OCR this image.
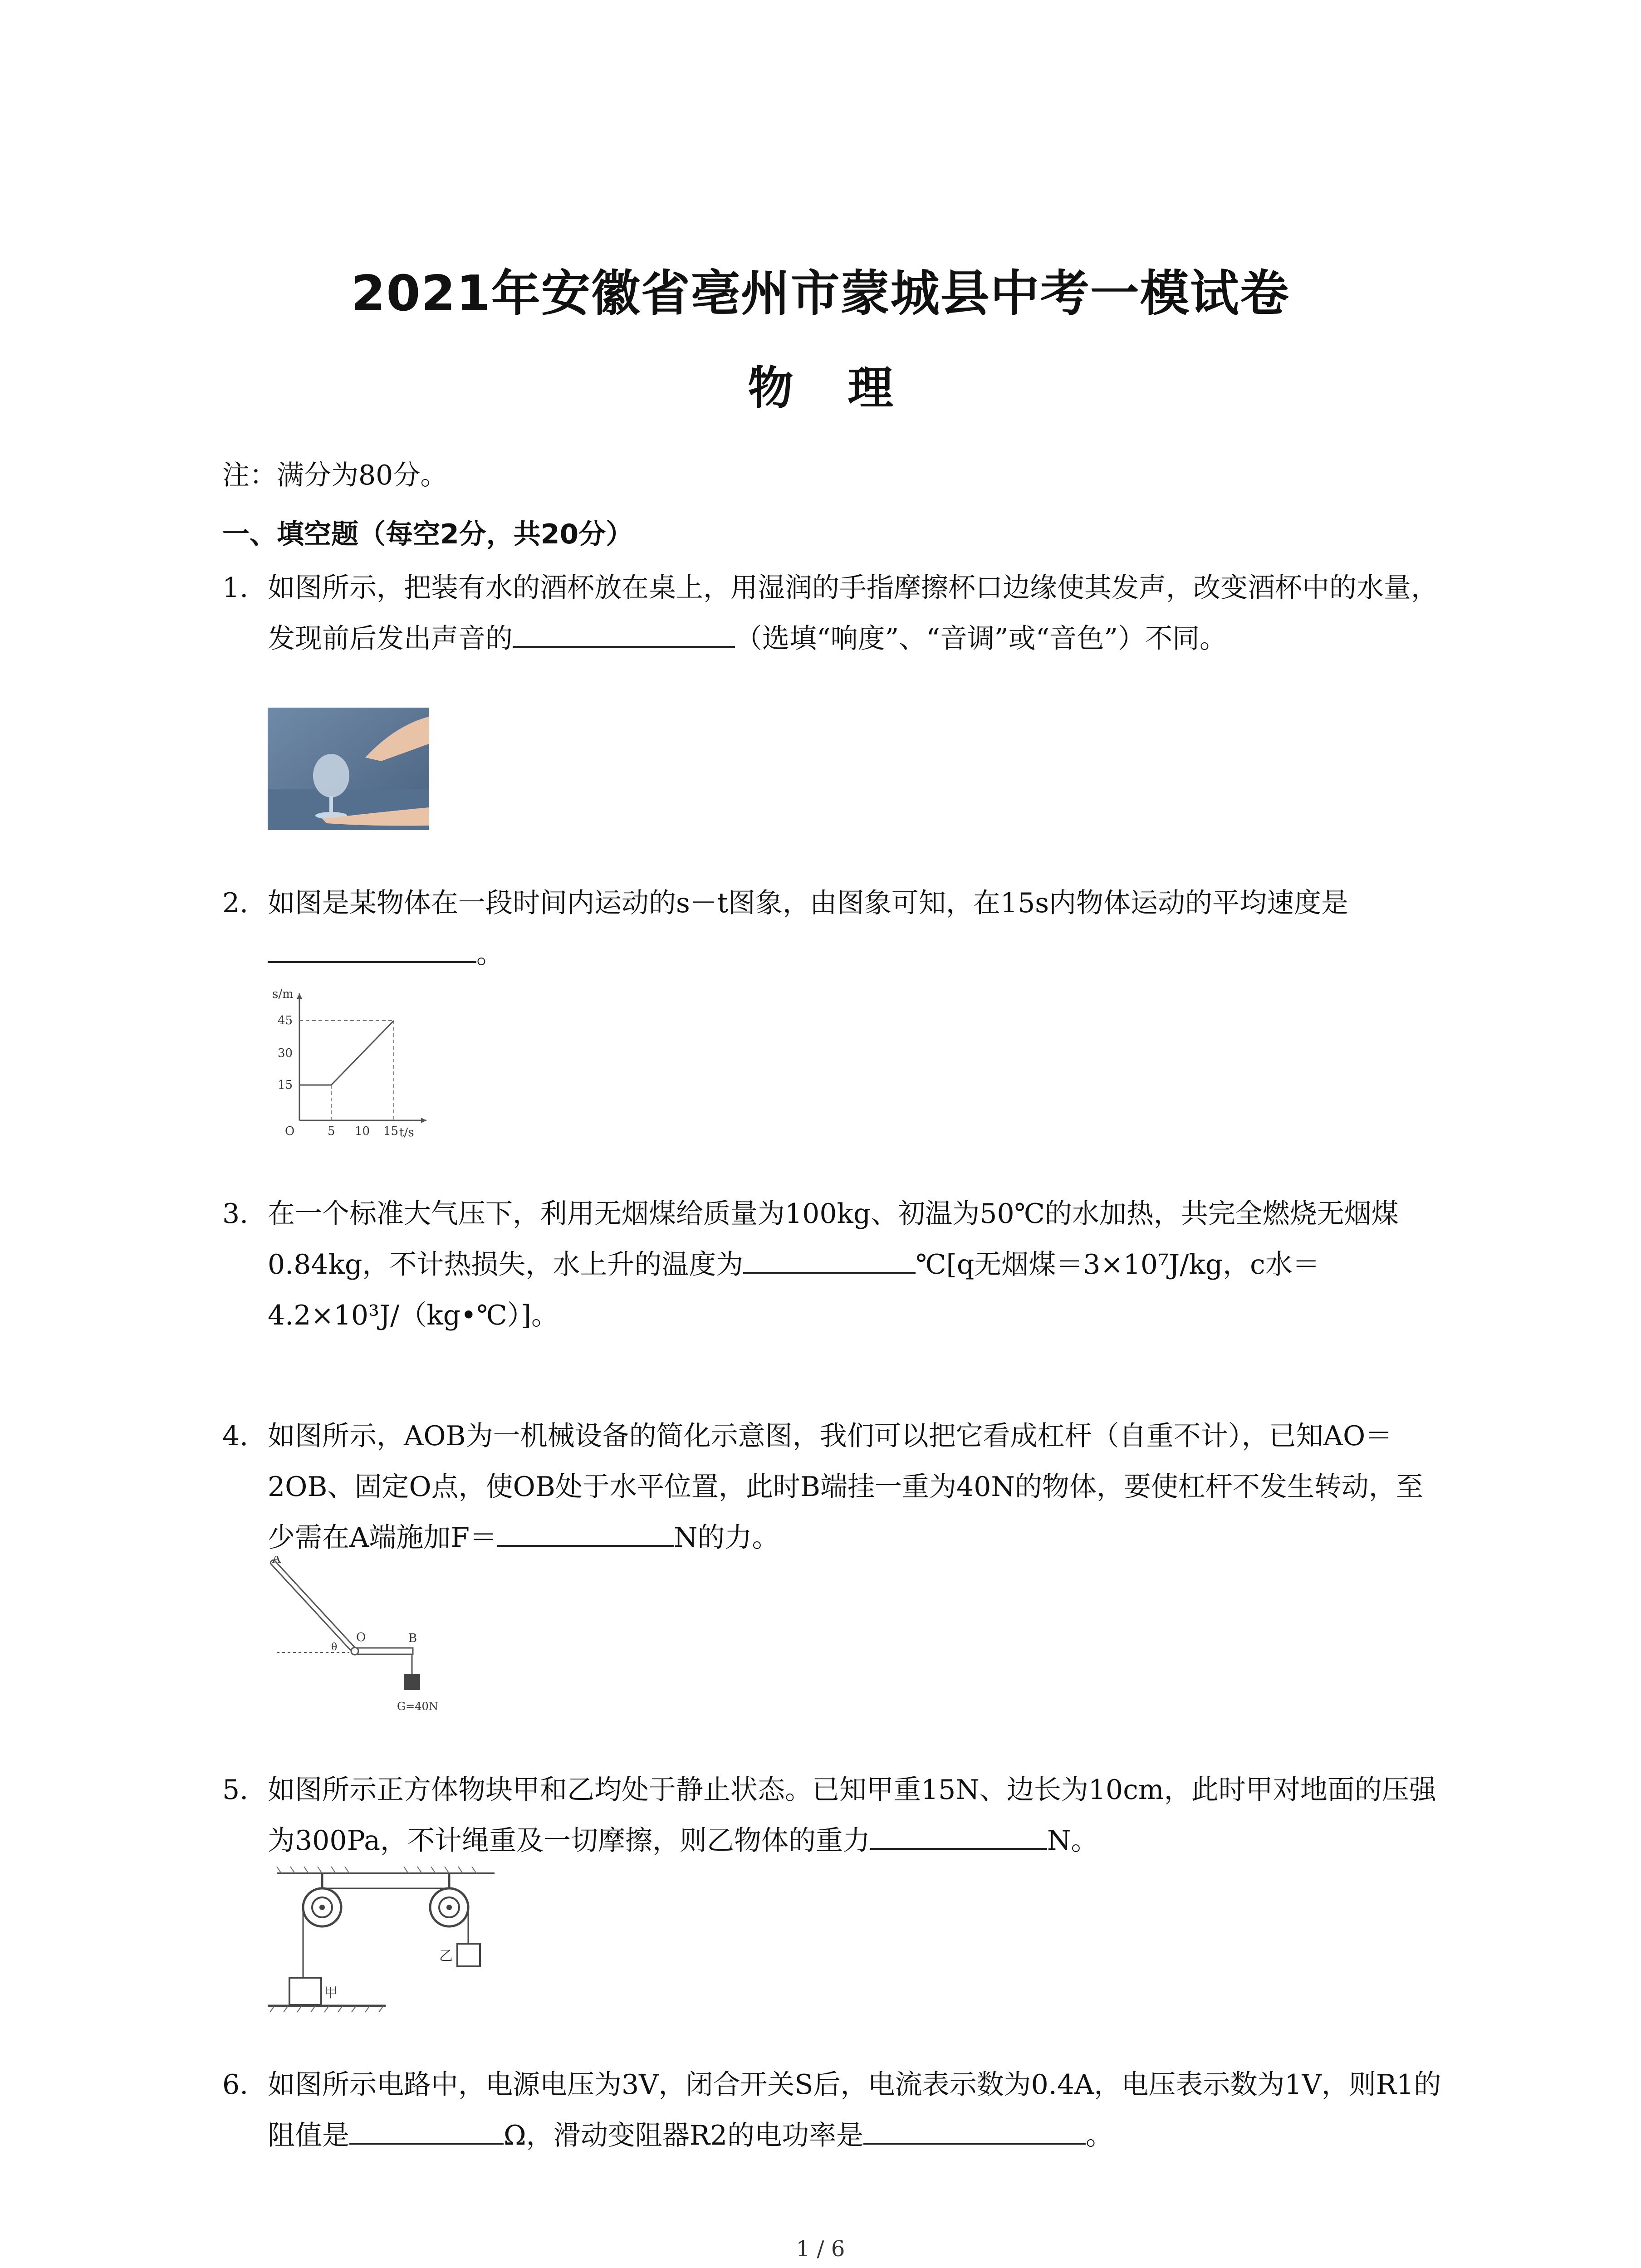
2021年安徽省亳州市蒙城县中考一模试卷
物理
注：满分为80分。
一、填空题（每空2分，共20分）
1. 如图所示，把装有水的酒杯放在桌上，用湿润的手指摩擦杯口边缘使其发声，改变酒杯中的水量，发现前后发出声音的	（选填“响度”、“音调”或“音色”）不同。
2. 如图是某物体在一段时间内运动的s－t图象，由图象可知，在15s内物体运动的平均速度是。
s/m
t/s
O
15
30
45
5 10 15
3. 在一个标准大气压下，利用无烟煤给质量为100kg、初温为50℃的水加热，共完全燃烧无烟煤0.84kg，不计热损失，水上升的温度为	℃[q无烟煤＝3×10⁷J/kg，c水＝4.2×10³J/（kg•℃）]。
4. 如图所示，AOB为一机械设备的简化示意图，我们可以把它看成杠杆（自重不计），已知AO＝2OB、固定O点，使OB处于水平位置，此时B端挂一重为40N的物体，要使杠杆不发生转动，至少需在A端施加F＝	N的力。
A
O	B
θ
G=40N
5. 如图所示正方体物块甲和乙均处于静止状态。已知甲重15N、边长为10cm，此时甲对地面的压强为300Pa，不计绳重及一切摩擦，则乙物体的重力	N。
甲
乙
6. 如图所示电路中，电源电压为3V，闭合开关S后，电流表示数为0.4A，电压表示数为1V，则R1的阻值是	Ω，滑动变阻器R2的电功率是	。
1 / 6
